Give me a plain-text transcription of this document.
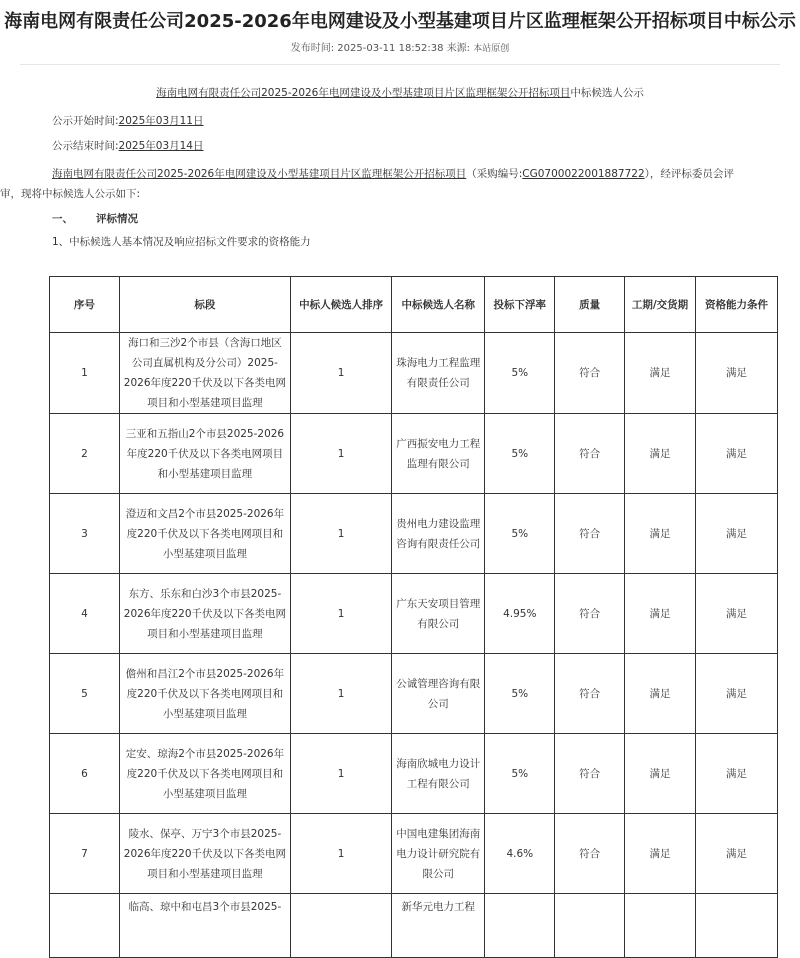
海南电网有限责任公司2025-2026年电网建设及小型基建项目片区监理框架公开招标项目中标公示
发布时间: 2025-03-11 18:52:38 来源: 本站原创
海南电网有限责任公司2025-2026年电网建设及小型基建项目片区监理框架公开招标项目中标候选人公示
公示开始时间:2025年03月11日
公示结束时间:2025年03月14日
海南电网有限责任公司2025-2026年电网建设及小型基建项目片区监理框架公开招标项目（采购编号:CG0700022001887722），经评标委员会评
审，现将中标候选人公示如下:
一、 评标情况
1、中标候选人基本情况及响应招标文件要求的资格能力
序号	标段	中标人候选人排序	中标候选人名称	投标下浮率	质量	工期/交货期	资格能力条件
1	海口和三沙2个市县（含海口地区公司直属机构及分公司）2025-2026年度220千伏及以下各类电网项目和小型基建项目监理	1	珠海电力工程监理有限责任公司	5%	符合	满足	满足
2	三亚和五指山2个市县2025-2026年度220千伏及以下各类电网项目和小型基建项目监理	1	广西振安电力工程监理有限公司	5%	符合	满足	满足
3	澄迈和文昌2个市县2025-2026年度220千伏及以下各类电网项目和小型基建项目监理	1	贵州电力建设监理咨询有限责任公司	5%	符合	满足	满足
4	东方、乐东和白沙3个市县2025-2026年度220千伏及以下各类电网项目和小型基建项目监理	1	广东天安项目管理有限公司	4.95%	符合	满足	满足
5	儋州和昌江2个市县2025-2026年度220千伏及以下各类电网项目和小型基建项目监理	1	公诚管理咨询有限公司	5%	符合	满足	满足
6	定安、琼海2个市县2025-2026年度220千伏及以下各类电网项目和小型基建项目监理	1	海南欣城电力设计工程有限公司	5%	符合	满足	满足
7	陵水、保亭、万宁3个市县2025-2026年度220千伏及以下各类电网项目和小型基建项目监理	1	中国电建集团海南电力设计研究院有限公司	4.6%	符合	满足	满足
	临高、琼中和屯昌3个市县2025-		新华元电力工程				
